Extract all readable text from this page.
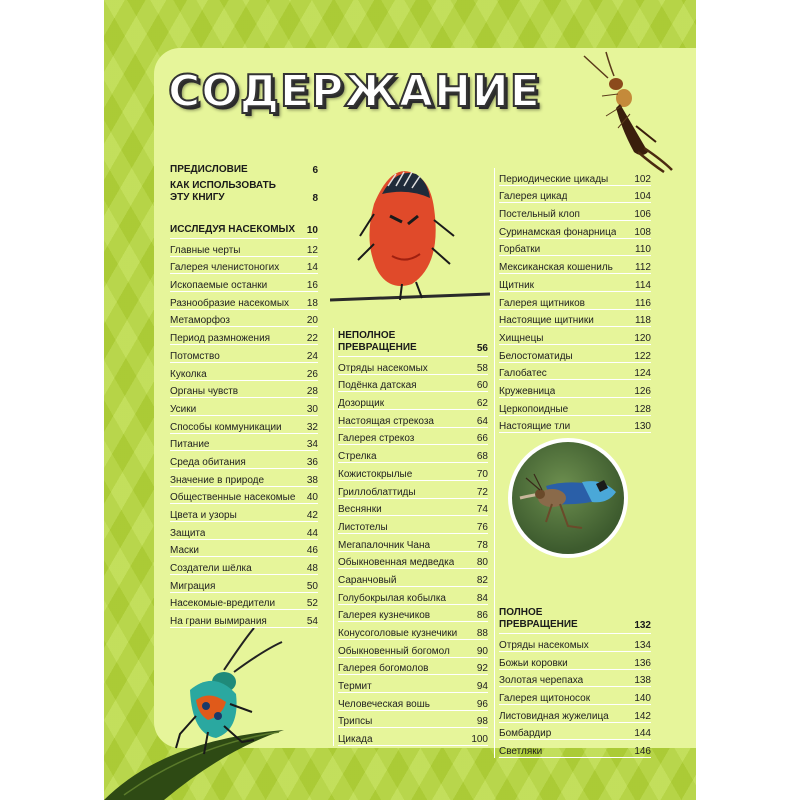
СОДЕРЖАНИЕ
ПРЕДИСЛОВИЕ	6
КАК ИСПОЛЬЗОВАТЬ
ЭТУ КНИГУ	8
ИССЛЕДУЯ НАСЕКОМЫХ 10
Главные черты	12
Галерея членистоногих	14
Ископаемые останки	16
Разнообразие насекомых 18
Метаморфоз	20
Период размножения	22
Потомство	24
Куколка	26
Органы чувств	28
Усики	30
Способы коммуникации	32
Питание	34
Среда обитания	36
Значение в природе	38
Общественные насекомые 40
Цвета и узоры	42
Защита	44
Маски	46
Создатели шёлка	48
Миграция	50
Насекомые-вредители	52
На грани вымирания	54
НЕПОЛНОЕ
ПРЕВРАЩЕНИЕ	56
Отряды насекомых	58
Подёнка датская	60
Дозорщик	62
Настоящая стрекоза	64
Галерея стрекоз	66
Стрелка	68
Кожистокрылые	70
Гриллоблаттиды	72
Веснянки	74
Листотелы	76
Мегапалочник Чана	78
Обыкновенная медведка 80
Саранчовый	82
Голубокрылая кобылка	84
Галерея кузнечиков	86
Конусоголовые кузнечики 88
Обыкновенный богомол	90
Галерея богомолов	92
Термит	94
Человеческая вошь	96
Трипсы	98
Цикада	100
Периодические цикады	102
Галерея цикад	104
Постельный клоп	106
Суринамская фонарница 108
Горбатки	110
Мексиканская кошениль 112
Щитник	114
Галерея щитников	116
Настоящие щитники	118
Хищнецы	120
Белостоматиды	122
Галобатес	124
Кружевница	126
Церкопоидные	128
Настоящие тли	130
ПОЛНОЕ
ПРЕВРАЩЕНИЕ	132
Отряды насекомых	134
Божьи коровки	136
Золотая черепаха	138
Галерея щитоносок	140
Листовидная жужелица	142
Бомбардир	144
Светляки	146
